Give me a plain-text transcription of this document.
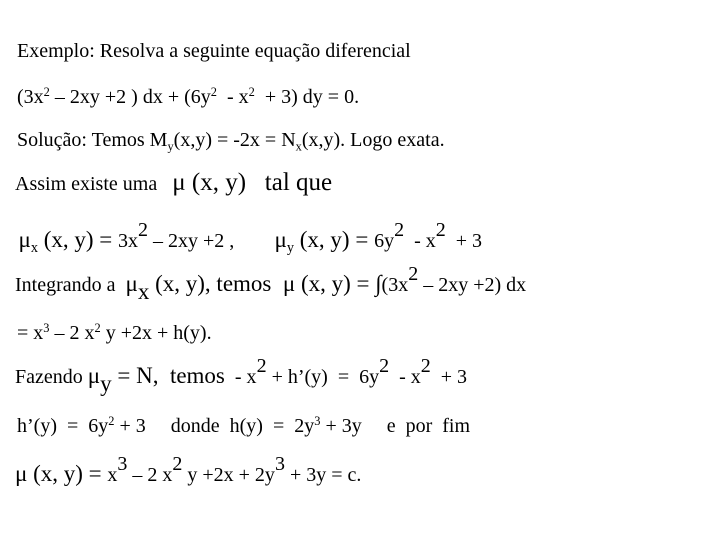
Exemplo: Resolva a seguinte equação diferencial

($3x^2 - 2xy +2$ ) dx + $(6y^2 - x^2 + 3)$ dy = 0.

Solução: Temos $M_y(x,y) = -2x = N_x(x,y)$. Logo exata.

Assim existe uma   μ (x, y)   tal que

$\mu_x$ (x, $y) = 3x^2 - 2xy +2$ ,       $\mu_y$ (x, $y) = 6y^2 - x^2 + 3$

Integrando a  $\mu_x$ (x, y), temos  μ (x, $y) = \int(3x^2 - 2xy +2)$ dx

= $x^3 - 2$ $x^2$ y +2x + h(y).

Fazendo $\mu_y = N$,  temos  - $x^2$ + h’(y)  =  $6y^2 - x^2 + 3$

h’(y)  =  $6y^2 + 3$     donde  $h(y) = 2y^3 + 3y$     e  por  fim

μ (x, $y) = x^3 - 2$ $x^2$ $y +2x + 2y^3 + 3y = c$.
